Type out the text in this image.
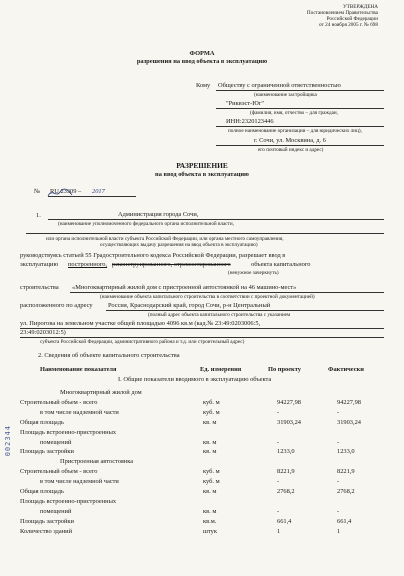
УТВЕРЖДЕНА
Постановлением Правительства
Российской Федерации
от 24 ноября 2005 г. № 698
ФОРМА
разрешения на ввод объекта в эксплуатацию
Кому Обществу с ограниченной ответственностью
(наименование застройщика
"Риквэст-Юг"
(фамилия, имя, отчество – для граждан,
ИНН:2320123446
полное наименование организации – для юридических лиц),
г. Сочи, ул. Москвина, д. 6
его почтовый индекс и адрес)
РАЗРЕШЕНИЕ
на ввод объекта в эксплуатацию
№ RU 23309 – 2017
1.	Администрация города Сочи,
(наименование уполномоченного федерального органа исполнительной власти,
или органа исполнительной власти субъекта Российской Федерации, или органа местного самоуправления,
осуществляющих выдачу разрешения на ввод объекта в эксплуатацию)
руководствуясь статьей 55 Градостроительного кодекса Российской Федерации, разрешает ввод в
эксплуатацию построенного, реконструированного, отремонтированного	объекта капитального
(ненужное зачеркнуть)
строительства «Многоквартирный жилой дом с пристроенной автостоянкой на 46 машино-мест»
(наименование объекта капитального строительства в соответствии с проектной документацией)
расположенного по адресу Россия, Краснодарский край, город Сочи, р-н Центральный
(полный адрес объекта капитального строительства с указанием
ул. Пирогова на земельном участке общей площадью 4096 кв.м (кад.№ 23:49:0203006:5,
23:49:0203012:5)
субъекта Российской Федерации, административного района и т.д. или строительный адрес)
2. Сведения об объекте капитального строительства
Наименование показателя	Ед. измерения	По проекту	Фактически
I. Общие показатели вводимого в эксплуатацию объекта
Многоквартирный жилой дом
Строительный объем - всего	куб. м	94227,98	94227,98
в том числе надземной части	куб. м	-	-
Общая площадь	кв. м	31903,24	31903,24
Площадь встроенно-пристроенных
помещений	кв. м	-	-
Площадь застройки	кв. м	1233,0	1233,0
Пристроенная автостоянка
Строительный объем - всего	куб. м	8221,9	8221,9
в том числе надземной части	куб. м	-	-
Общая площадь	кв. м	2768,2	2768,2
Площадь встроенно-пристроенных
помещений	кв. м	-	-
Площадь застройки	кв.м.	661,4	661,4
Количество зданий	штук	1	1
002344
